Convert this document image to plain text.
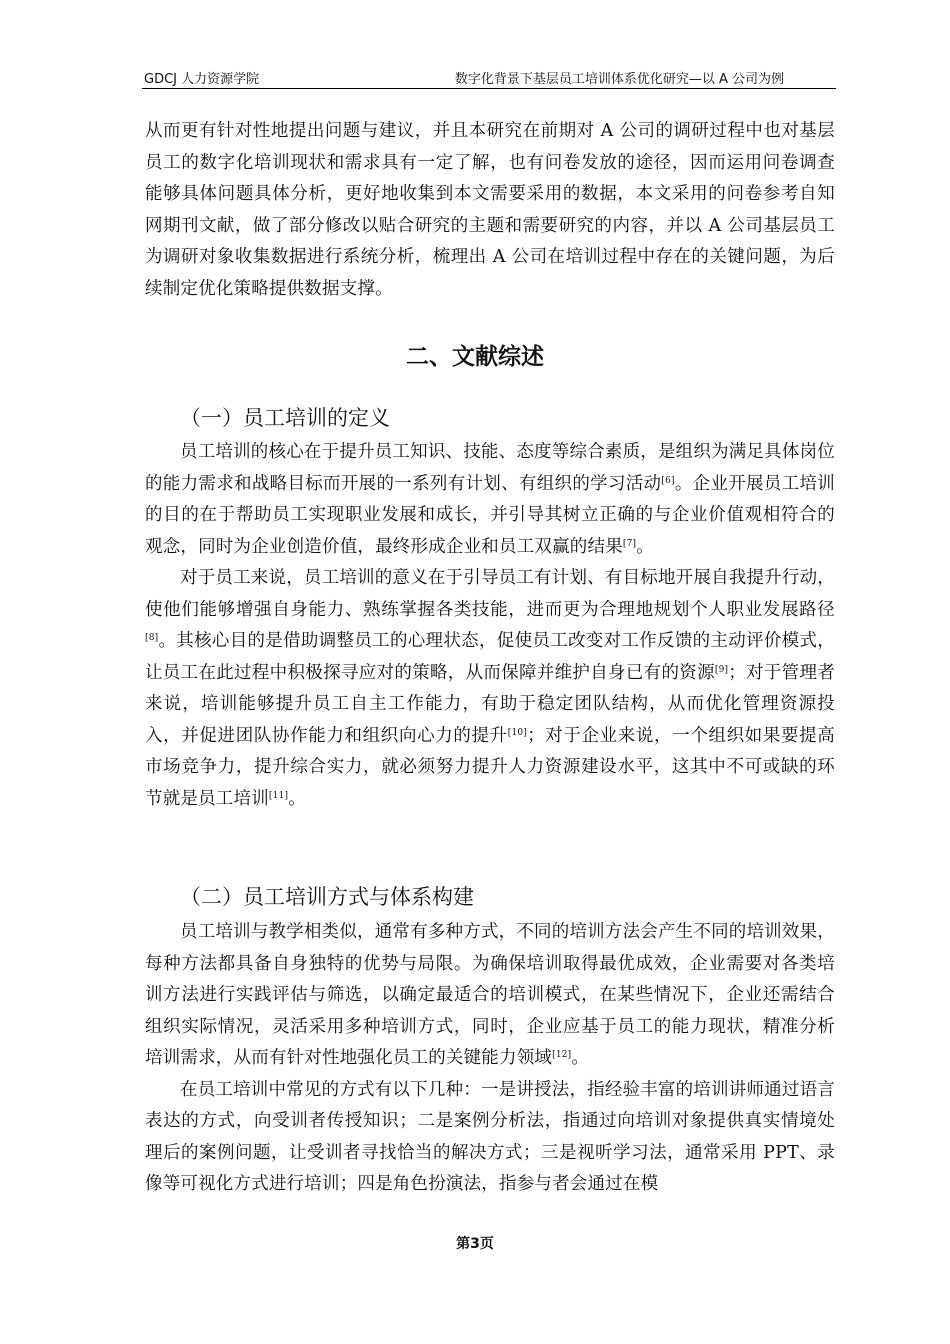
GDCJ 人力资源学院	数字化背景下基层员工培训体系优化研究—以 A 公司为例

从而更有针对性地提出问题与建议，并且本研究在前期对 A 公司的调研过程中也对基层员工的数字化培训现状和需求具有一定了解，也有问卷发放的途径，因而运用问卷调查能够具体问题具体分析，更好地收集到本文需要采用的数据，本文采用的问卷参考自知网期刊文献，做了部分修改以贴合研究的主题和需要研究的内容，并以 A 公司基层员工为调研对象收集数据进行系统分析，梳理出 A 公司在培训过程中存在的关键问题，为后续制定优化策略提供数据支撑。

二、文献综述
（一）员工培训的定义

员工培训的核心在于提升员工知识、技能、态度等综合素质，是组织为满足具体岗位的能力需求和战略目标而开展的一系列有计划、有组织的学习活动[6]。企业开展员工培训的目的在于帮助员工实现职业发展和成长，并引导其树立正确的与企业价值观相符合的观念，同时为企业创造价值，最终形成企业和员工双赢的结果[7]。

对于员工来说，员工培训的意义在于引导员工有计划、有目标地开展自我提升行动，使他们能够增强自身能力、熟练掌握各类技能，进而更为合理地规划个人职业发展路径[8]。其核心目的是借助调整员工的心理状态，促使员工改变对工作反馈的主动评价模式，让员工在此过程中积极探寻应对的策略，从而保障并维护自身已有的资源[9]；对于管理者来说，培训能够提升员工自主工作能力，有助于稳定团队结构，从而优化管理资源投入，并促进团队协作能力和组织向心力的提升[10]；对于企业来说，一个组织如果要提高市场竞争力，提升综合实力，就必须努力提升人力资源建设水平，这其中不可或缺的环节就是员工培训[11]。

（二）员工培训方式与体系构建

员工培训与教学相类似，通常有多种方式，不同的培训方法会产生不同的培训效果，每种方法都具备自身独特的优势与局限。为确保培训取得最优成效，企业需要对各类培训方法进行实践评估与筛选，以确定最适合的培训模式，在某些情况下，企业还需结合组织实际情况，灵活采用多种培训方式，同时，企业应基于员工的能力现状，精准分析培训需求，从而有针对性地强化员工的关键能力领域[12]。

在员工培训中常见的方式有以下几种：一是讲授法，指经验丰富的培训讲师通过语言表达的方式，向受训者传授知识；二是案例分析法，指通过向培训对象提供真实情境处理后的案例问题，让受训者寻找恰当的解决方式；三是视听学习法，通常采用 PPT、录像等可视化方式进行培训；四是角色扮演法，指参与者会通过在模

第3页
